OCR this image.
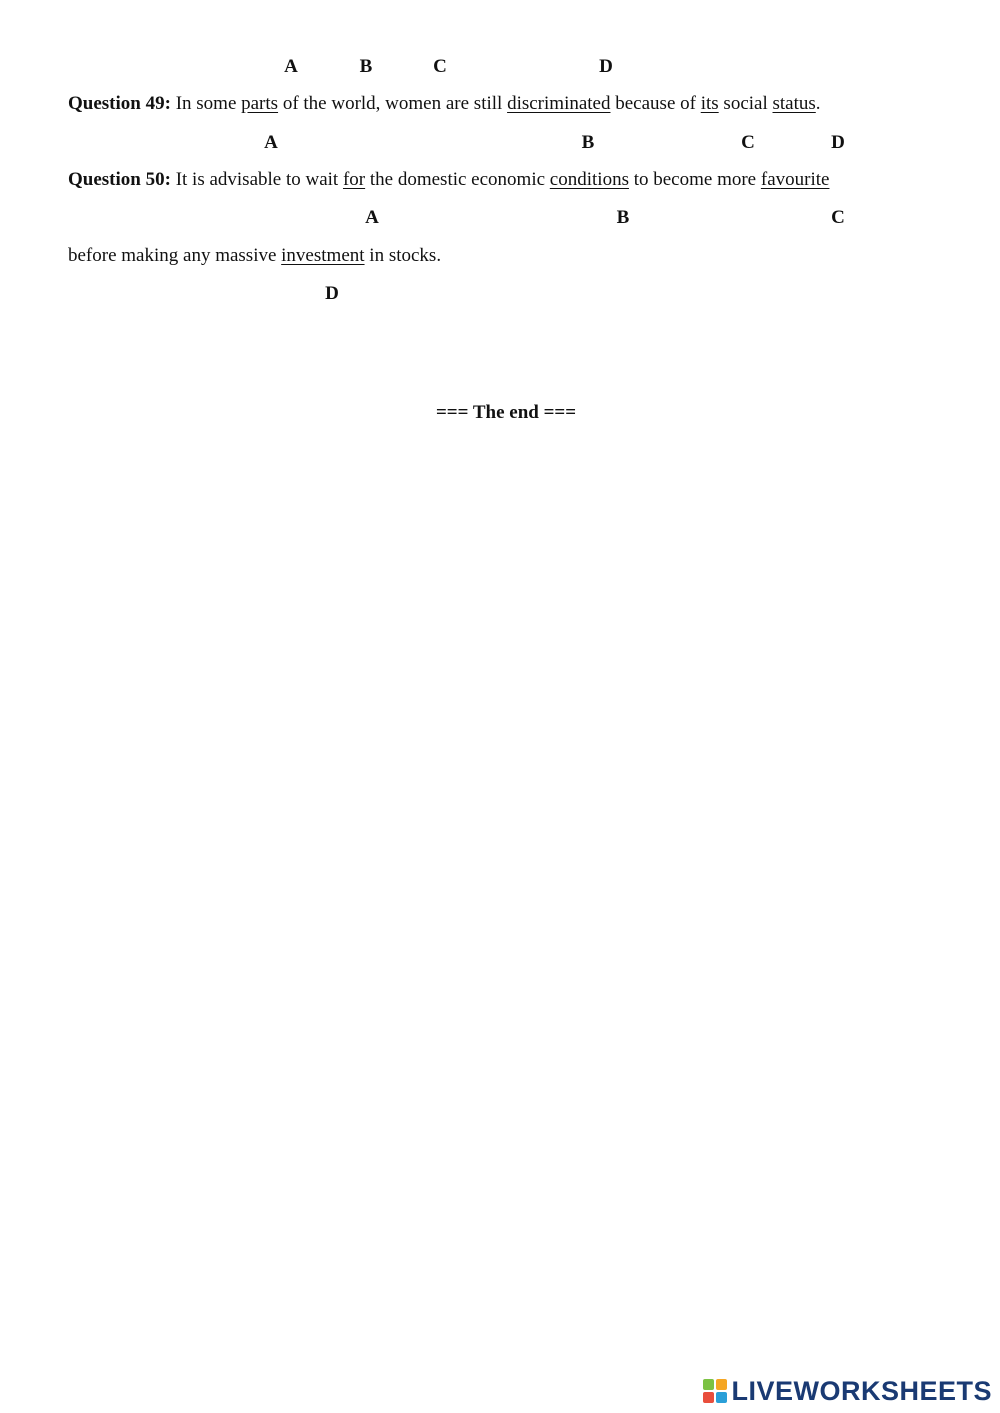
A	B	C	D
Question 49: In some parts of the world, women are still discriminated because of its social status.
A	B	C	D
Question 50: It is advisable to wait for the domestic economic conditions to become more favourite
A	B	C
before making any massive investment in stocks.
D
=== The end ===
LIVEWORKSHEETS
